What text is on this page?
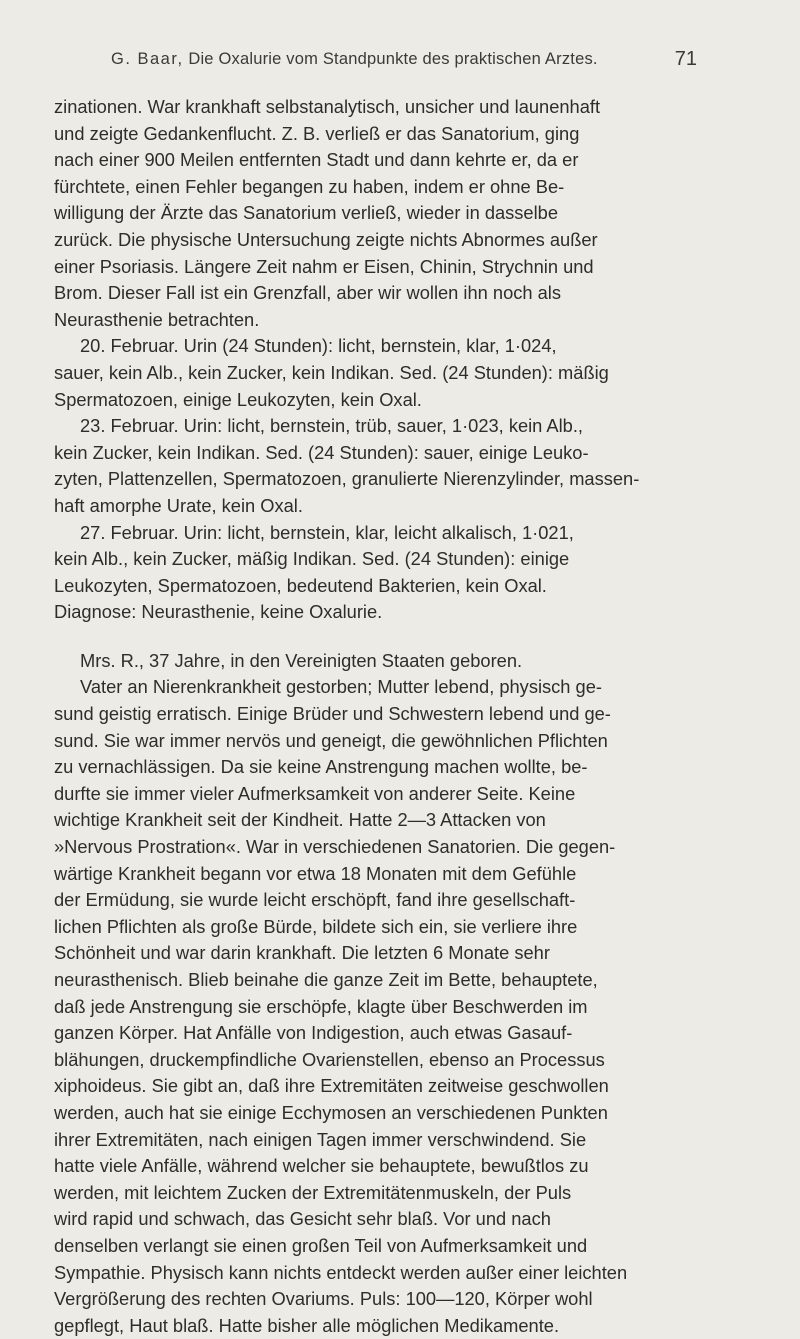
G. Baar, Die Oxalurie vom Standpunkte des praktischen Arztes.	71
zinationen. War krankhaft selbstanalytisch, unsicher und launenhaft
und zeigte Gedankenflucht. Z. B. verließ er das Sanatorium, ging
nach einer 900 Meilen entfernten Stadt und dann kehrte er, da er
fürchtete, einen Fehler begangen zu haben, indem er ohne Be-
willigung der Ärzte das Sanatorium verließ, wieder in dasselbe
zurück. Die physische Untersuchung zeigte nichts Abnormes außer
einer Psoriasis. Längere Zeit nahm er Eisen, Chinin, Strychnin und
Brom. Dieser Fall ist ein Grenzfall, aber wir wollen ihn noch als
Neurasthenie betrachten.
20. Februar. Urin (24 Stunden): licht, bernstein, klar, 1·024,
sauer, kein Alb., kein Zucker, kein Indikan. Sed. (24 Stunden): mäßig
Spermatozoen, einige Leukozyten, kein Oxal.
23. Februar. Urin: licht, bernstein, trüb, sauer, 1·023, kein Alb.,
kein Zucker, kein Indikan. Sed. (24 Stunden): sauer, einige Leuko-
zyten, Plattenzellen, Spermatozoen, granulierte Nierenzylinder, massen-
haft amorphe Urate, kein Oxal.
27. Februar. Urin: licht, bernstein, klar, leicht alkalisch, 1·021,
kein Alb., kein Zucker, mäßig Indikan. Sed. (24 Stunden): einige
Leukozyten, Spermatozoen, bedeutend Bakterien, kein Oxal.
Diagnose: Neurasthenie, keine Oxalurie.
Mrs. R., 37 Jahre, in den Vereinigten Staaten geboren.
Vater an Nierenkrankheit gestorben; Mutter lebend, physisch ge-
sund geistig erratisch. Einige Brüder und Schwestern lebend und ge-
sund. Sie war immer nervös und geneigt, die gewöhnlichen Pflichten
zu vernachlässigen. Da sie keine Anstrengung machen wollte, be-
durfte sie immer vieler Aufmerksamkeit von anderer Seite. Keine
wichtige Krankheit seit der Kindheit. Hatte 2—3 Attacken von
»Nervous Prostration«. War in verschiedenen Sanatorien. Die gegen-
wärtige Krankheit begann vor etwa 18 Monaten mit dem Gefühle
der Ermüdung, sie wurde leicht erschöpft, fand ihre gesellschaft-
lichen Pflichten als große Bürde, bildete sich ein, sie verliere ihre
Schönheit und war darin krankhaft. Die letzten 6 Monate sehr
neurasthenisch. Blieb beinahe die ganze Zeit im Bette, behauptete,
daß jede Anstrengung sie erschöpfe, klagte über Beschwerden im
ganzen Körper. Hat Anfälle von Indigestion, auch etwas Gasauf-
blähungen, druckempfindliche Ovarienstellen, ebenso an Processus
xiphoideus. Sie gibt an, daß ihre Extremitäten zeitweise geschwollen
werden, auch hat sie einige Ecchymosen an verschiedenen Punkten
ihrer Extremitäten, nach einigen Tagen immer verschwindend. Sie
hatte viele Anfälle, während welcher sie behauptete, bewußtlos zu
werden, mit leichtem Zucken der Extremitätenmuskeln, der Puls
wird rapid und schwach, das Gesicht sehr blaß. Vor und nach
denselben verlangt sie einen großen Teil von Aufmerksamkeit und
Sympathie. Physisch kann nichts entdeckt werden außer einer leichten
Vergrößerung des rechten Ovariums. Puls: 100—120, Körper wohl
gepflegt, Haut blaß. Hatte bisher alle möglichen Medikamente.
